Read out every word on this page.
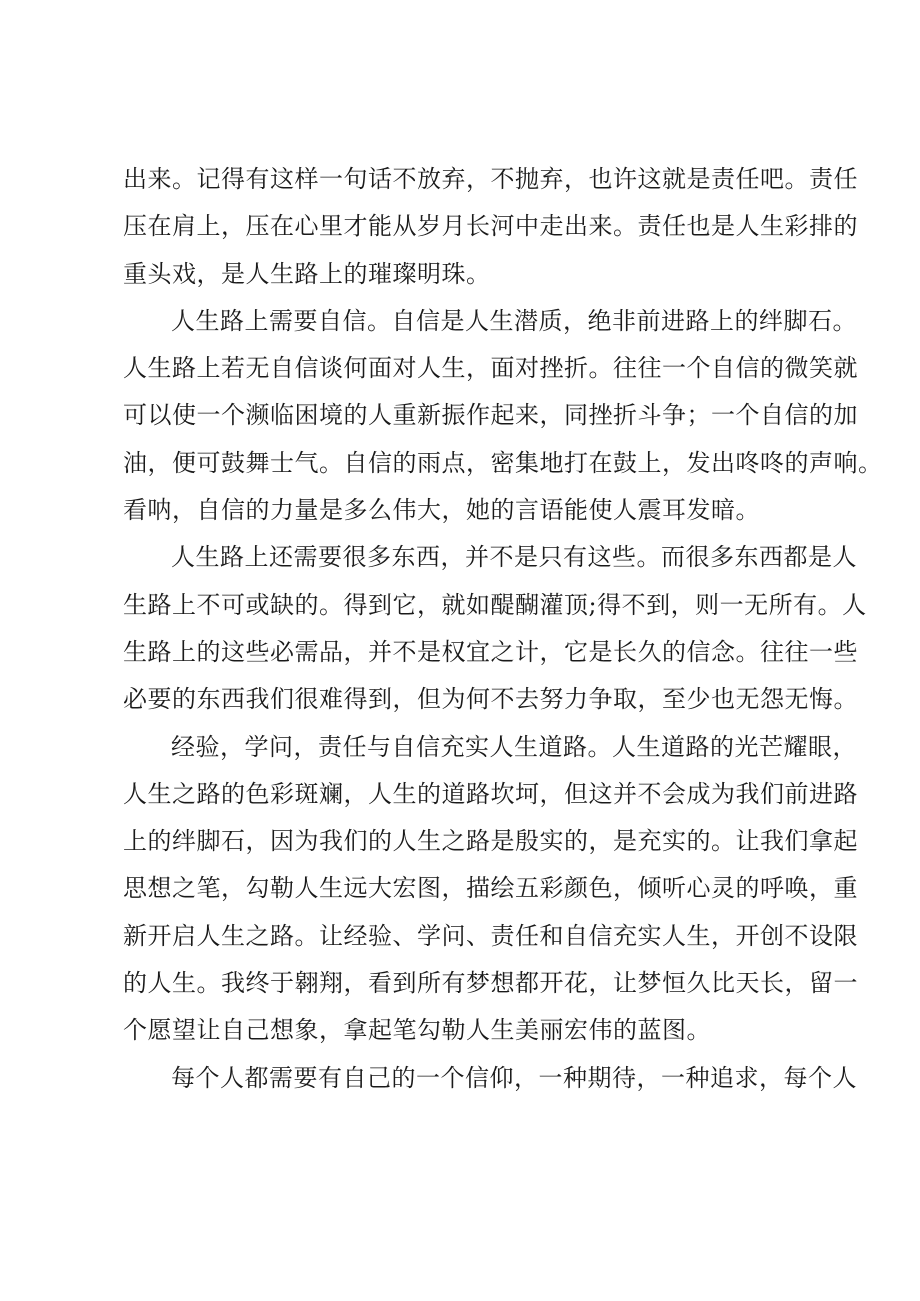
出来。记得有这样一句话不放弃，不抛弃，也许这就是责任吧。责任
压在肩上，压在心里才能从岁月长河中走出来。责任也是人生彩排的
重头戏，是人生路上的璀璨明珠。
人生路上需要自信。自信是人生潜质，绝非前进路上的绊脚石。
人生路上若无自信谈何面对人生，面对挫折。往往一个自信的微笑就
可以使一个濒临困境的人重新振作起来，同挫折斗争；一个自信的加
油，便可鼓舞士气。自信的雨点，密集地打在鼓上，发出咚咚的声响。
看呐，自信的力量是多么伟大，她的言语能使人震耳发暗。
人生路上还需要很多东西，并不是只有这些。而很多东西都是人
生路上不可或缺的。得到它，就如醍醐灌顶;得不到，则一无所有。人
生路上的这些必需品，并不是权宜之计，它是长久的信念。往往一些
必要的东西我们很难得到，但为何不去努力争取，至少也无怨无悔。
经验，学问，责任与自信充实人生道路。人生道路的光芒耀眼，
人生之路的色彩斑斓，人生的道路坎坷，但这并不会成为我们前进路
上的绊脚石，因为我们的人生之路是殷实的，是充实的。让我们拿起
思想之笔，勾勒人生远大宏图，描绘五彩颜色，倾听心灵的呼唤，重
新开启人生之路。让经验、学问、责任和自信充实人生，开创不设限
的人生。我终于翱翔，看到所有梦想都开花，让梦恒久比天长，留一
个愿望让自己想象，拿起笔勾勒人生美丽宏伟的蓝图。
每个人都需要有自己的一个信仰，一种期待，一种追求，每个人
